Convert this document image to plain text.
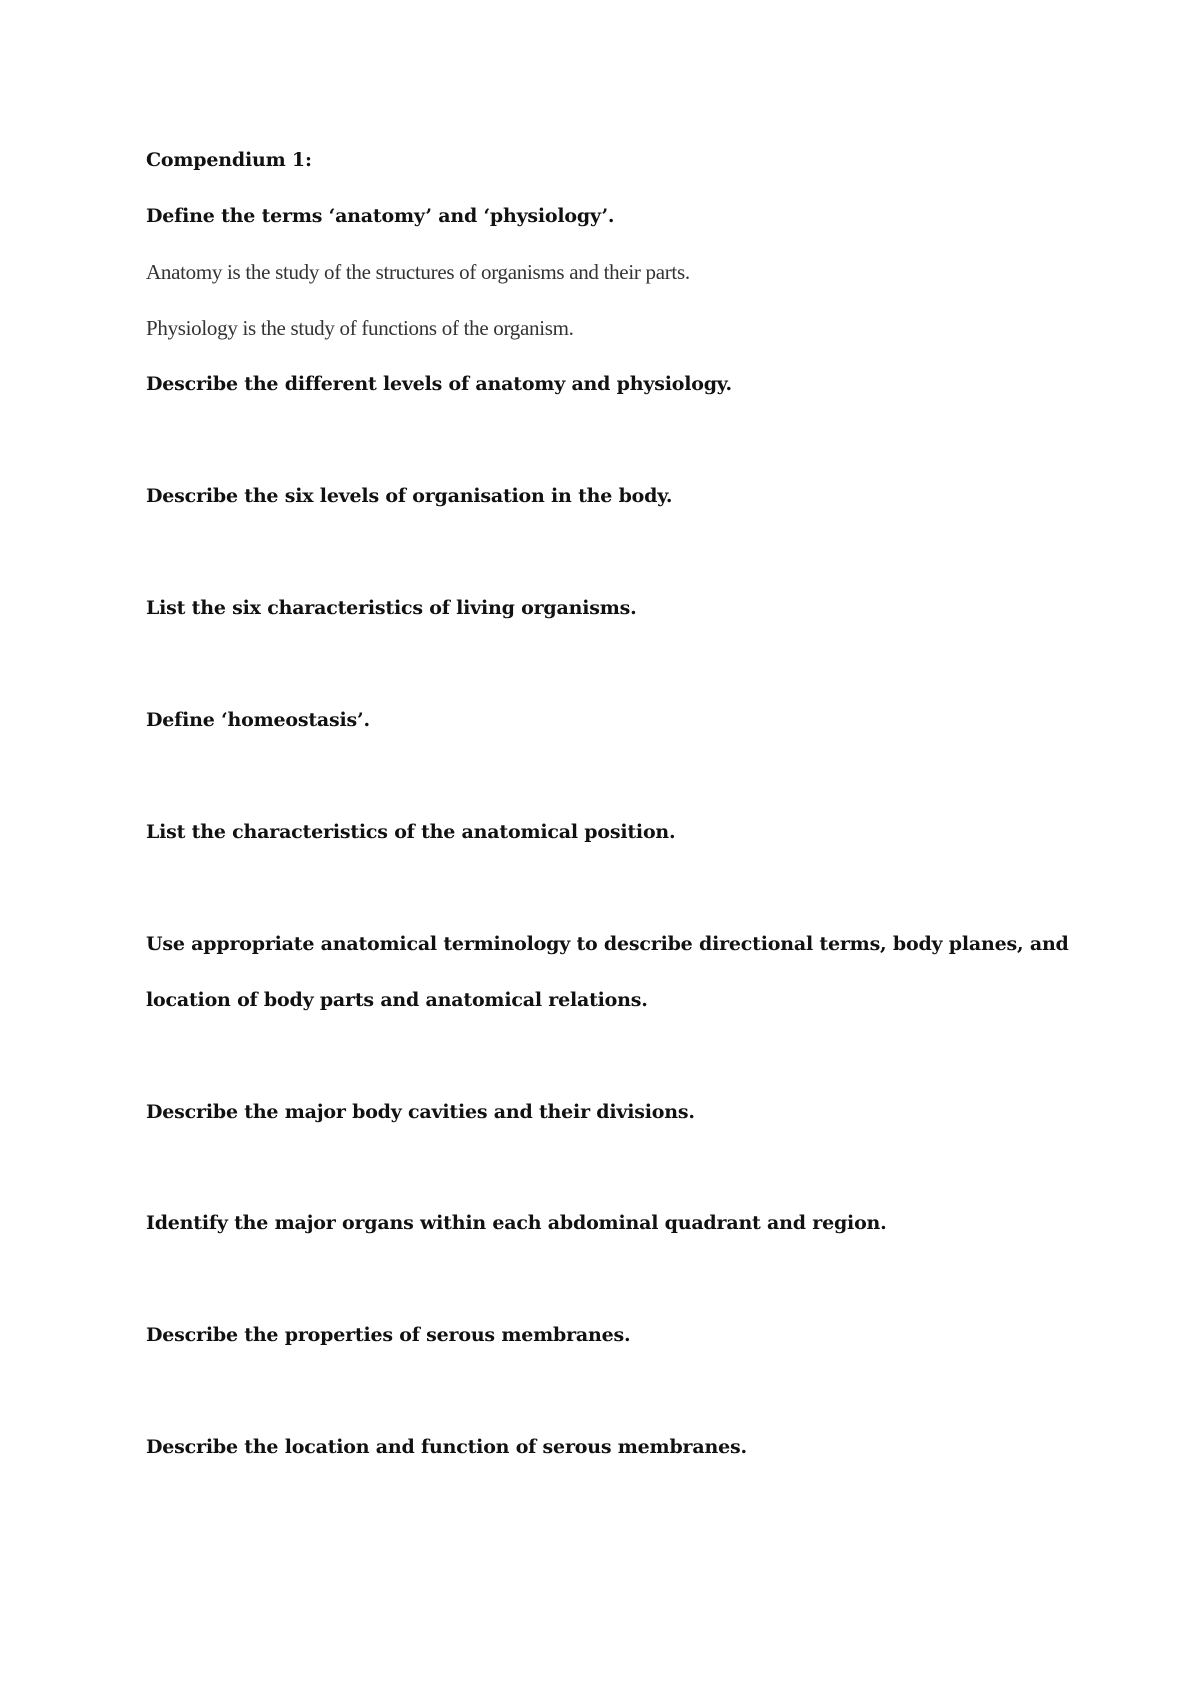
Compendium 1:

Define the terms ‘anatomy’ and ‘physiology’.

Anatomy is the study of the structures of organisms and their parts.

Physiology is the study of functions of the organism.

Describe the different levels of anatomy and physiology.

Describe the six levels of organisation in the body.

List the six characteristics of living organisms.

Define ‘homeostasis’.

List the characteristics of the anatomical position.

Use appropriate anatomical terminology to describe directional terms, body planes, and

location of body parts and anatomical relations.

Describe the major body cavities and their divisions.

Identify the major organs within each abdominal quadrant and region.

Describe the properties of serous membranes.

Describe the location and function of serous membranes.
